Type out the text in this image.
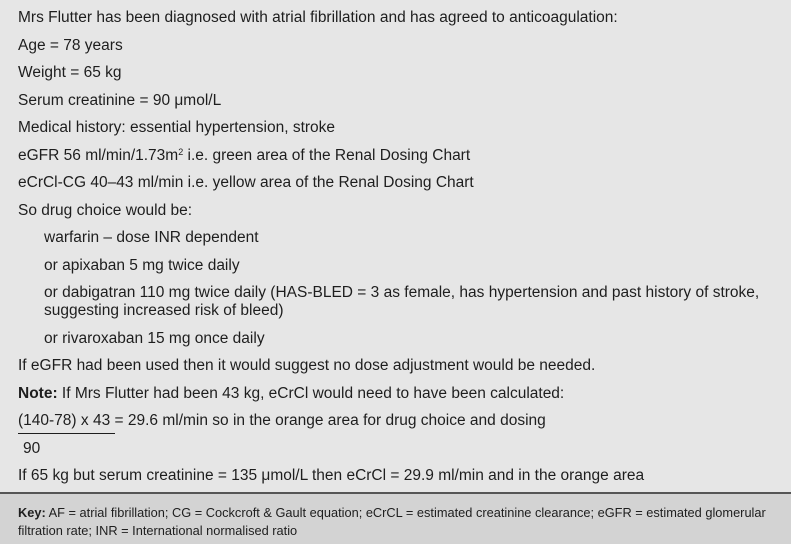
Mrs Flutter has been diagnosed with atrial fibrillation and has agreed to anticoagulation:
Age = 78 years
Weight = 65 kg
Serum creatinine = 90 μmol/L
Medical history: essential hypertension, stroke
eGFR 56 $ml/\min/1.73m^2$ i.e. green area of the Renal Dosing Chart
eCrCl-CG 40–43 ml/min i.e. yellow area of the Renal Dosing Chart
So drug choice would be:
warfarin – dose INR dependent
or apixaban 5 mg twice daily
or dabigatran 110 mg twice daily (HAS-BLED = 3 as female, has hypertension and past history of stroke, suggesting increased risk of bleed)
or rivaroxaban 15 mg once daily
If eGFR had been used then it would suggest no dose adjustment would be needed.
Note: If Mrs Flutter had been 43 kg, eCrCl would need to have been calculated:
(140-78) x 43 = 29.6 ml/min so in the orange area for drug choice and dosing
90
If 65 kg but serum creatinine = 135 μmol/L then eCrCl = 29.9 ml/min and in the orange area
Key: AF = atrial fibrillation; CG = Cockcroft & Gault equation; eCrCL = estimated creatinine clearance; eGFR = estimated glomerular filtration rate; INR = International normalised ratio
